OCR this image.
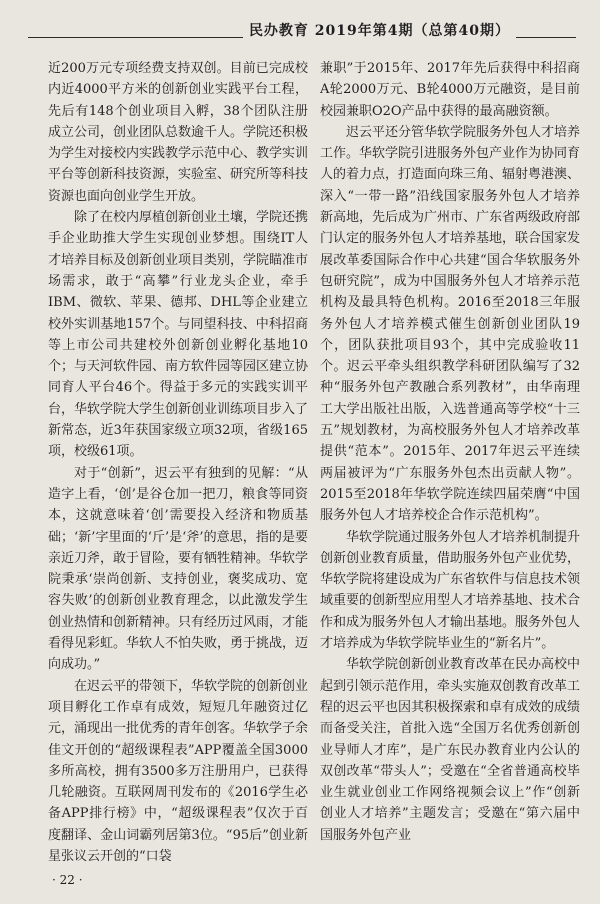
民办教育 2019年第4期（总第40期）

近200万元专项经费支持双创。目前已完成校内近4000平方米的创新创业实践平台工程，先后有148个创业项目入孵，38个团队注册成立公司，创业团队总数逾千人。学院还积极为学生对接校内实践教学示范中心、教学实训平台等创新科技资源，实验室、研究所等科技资源也面向创业学生开放。

除了在校内厚植创新创业土壤，学院还携手企业助推大学生实现创业梦想。围绕IT人才培养目标及创新创业项目类别，学院瞄准市场需求，敢于“高攀”行业龙头企业，牵手IBM、微软、苹果、德邦、DHL等企业建立校外实训基地157个。与同望科技、中科招商等上市公司共建校外创新创业孵化基地10个；与天河软件园、南方软件园等园区建立协同育人平台46个。得益于多元的实践实训平台，华软学院大学生创新创业训练项目步入了新常态，近3年获国家级立项32项，省级165项，校级61项。

对于“创新”，迟云平有独到的见解：“从造字上看，‘创’是谷仓加一把刀，粮食等同资本，这就意味着‘创’需要投入经济和物质基础；‘新’字里面的‘斤’是‘斧’的意思，指的是要亲近刀斧，敢于冒险，要有牺牲精神。华软学院秉承‘崇尚创新、支持创业，褒奖成功、宽容失败’的创新创业教育理念，以此激发学生创业热情和创新精神。只有经历过风雨，才能看得见彩虹。华软人不怕失败，勇于挑战，迈向成功。”

在迟云平的带领下，华软学院的创新创业项目孵化工作卓有成效，短短几年融资过亿元，涌现出一批优秀的青年创客。华软学子余佳文开创的“超级课程表”APP覆盖全国3000多所高校，拥有3500多万注册用户，已获得几轮融资。互联网周刊发布的《2016学生必备APP排行榜》中，“超级课程表”仅次于百度翻译、金山词霸列居第3位。“95后”创业新星张议云开创的“口袋

兼职”于2015年、2017年先后获得中科招商A轮2000万元、B轮4000万元融资，是目前校园兼职O2O产品中获得的最高融资额。

迟云平还分管华软学院服务外包人才培养工作。华软学院引进服务外包产业作为协同育人的着力点，打造面向珠三角、辐射粤港澳、深入“一带一路”沿线国家服务外包人才培养新高地，先后成为广州市、广东省两级政府部门认定的服务外包人才培养基地，联合国家发展改革委国际合作中心共建“国合华软服务外包研究院”，成为中国服务外包人才培养示范机构及最具特色机构。2016至2018三年服务外包人才培养模式催生创新创业团队19个，团队获批项目93个，其中完成验收11个。迟云平牵头组织教学科研团队编写了32种“服务外包产教融合系列教材”，由华南理工大学出版社出版，入选普通高等学校“十三五”规划教材，为高校服务外包人才培养改革提供“范本”。2015年、2017年迟云平连续两届被评为“广东服务外包杰出贡献人物”。2015至2018年华软学院连续四届荣膺“中国服务外包人才培养校企合作示范机构”。

华软学院通过服务外包人才培养机制提升创新创业教育质量，借助服务外包产业优势，华软学院将建设成为广东省软件与信息技术领域重要的创新型应用型人才培养基地、技术合作和成为服务外包人才输出基地。服务外包人才培养成为华软学院毕业生的“新名片”。

华软学院创新创业教育改革在民办高校中起到引领示范作用，牵头实施双创教育改革工程的迟云平也因其积极探索和卓有成效的成绩而备受关注，首批入选“全国万名优秀创新创业导师人才库”，是广东民办教育业内公认的双创改革“带头人”；受邀在“全省普通高校毕业生就业创业工作网络视频会议上”作“创新创业人才培养”主题发言；受邀在“第六届中国服务外包产业

· 22 ·
